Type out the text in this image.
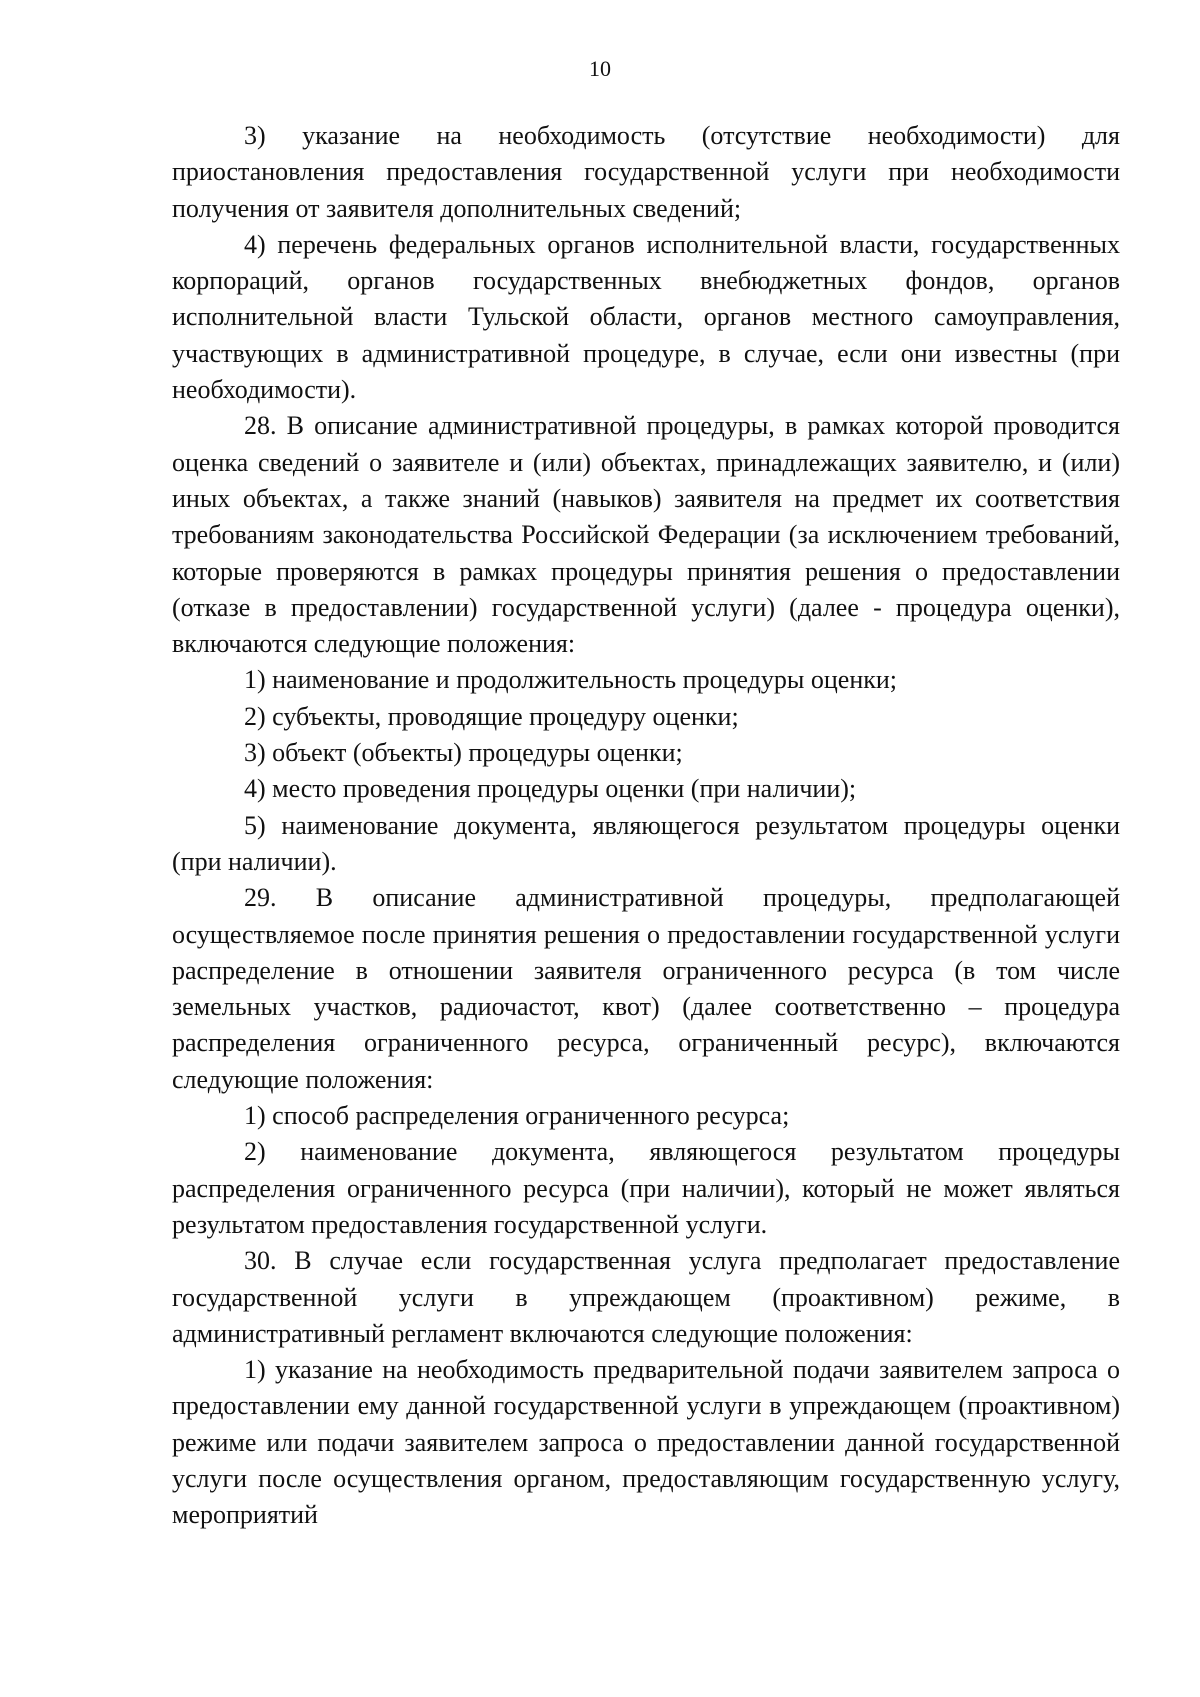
10

3) указание на необходимость (отсутствие необходимости) для приостановления предоставления государственной услуги при необходимости получения от заявителя дополнительных сведений;

4) перечень федеральных органов исполнительной власти, государственных корпораций, органов государственных внебюджетных фондов, органов исполнительной власти Тульской области, органов местного самоуправления, участвующих в административной процедуре, в случае, если они известны (при необходимости).

28. В описание административной процедуры, в рамках которой проводится оценка сведений о заявителе и (или) объектах, принадлежащих заявителю, и (или) иных объектах, а также знаний (навыков) заявителя на предмет их соответствия требованиям законодательства Российской Федерации (за исключением требований, которые проверяются в рамках процедуры принятия решения о предоставлении (отказе в предоставлении) государственной услуги) (далее - процедура оценки), включаются следующие положения:

1) наименование и продолжительность процедуры оценки;

2) субъекты, проводящие процедуру оценки;

3) объект (объекты) процедуры оценки;

4) место проведения процедуры оценки (при наличии);

5) наименование документа, являющегося результатом процедуры оценки (при наличии).

29. В описание административной процедуры, предполагающей осуществляемое после принятия решения о предоставлении государственной услуги распределение в отношении заявителя ограниченного ресурса (в том числе земельных участков, радиочастот, квот) (далее соответственно – процедура распределения ограниченного ресурса, ограниченный ресурс), включаются следующие положения:

1) способ распределения ограниченного ресурса;

2) наименование документа, являющегося результатом процедуры распределения ограниченного ресурса (при наличии), который не может являться результатом предоставления государственной услуги.

30. В случае если государственная услуга предполагает предоставление государственной услуги в упреждающем (проактивном) режиме, в административный регламент включаются следующие положения:

1) указание на необходимость предварительной подачи заявителем запроса о предоставлении ему данной государственной услуги в упреждающем (проактивном) режиме или подачи заявителем запроса о предоставлении данной государственной услуги после осуществления органом, предоставляющим государственную услугу, мероприятий
